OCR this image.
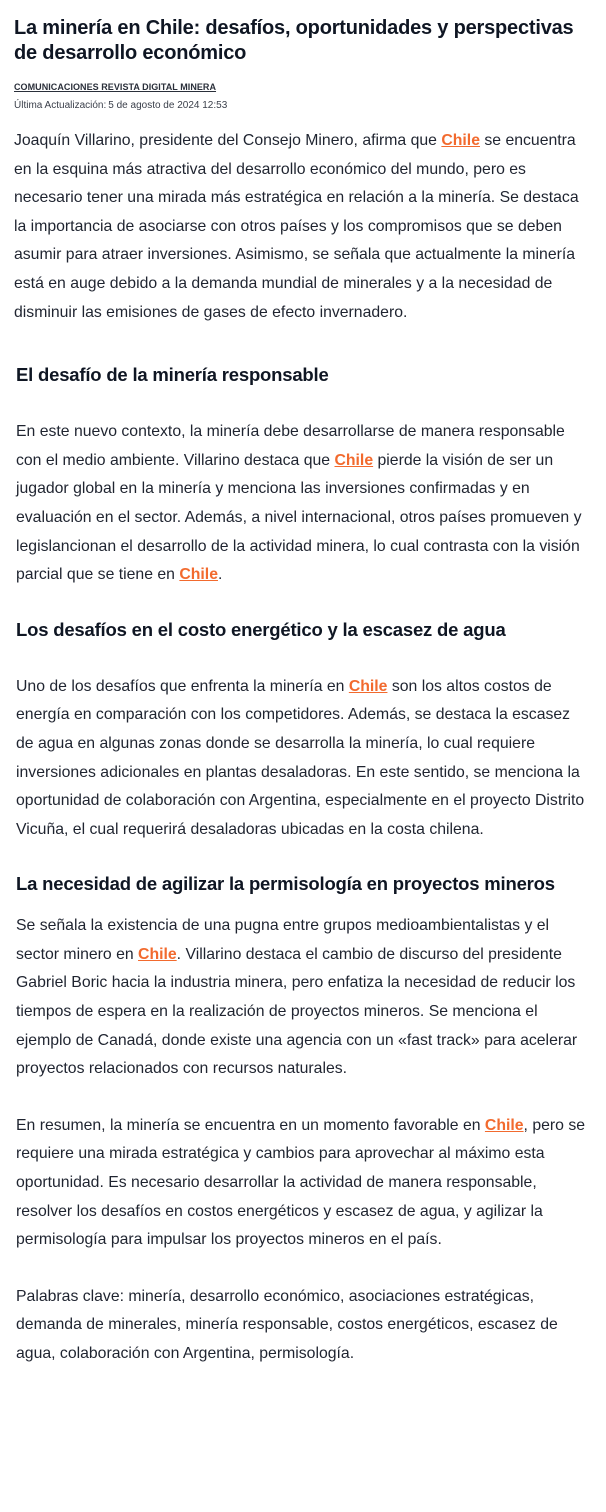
La minería en Chile: desafíos, oportunidades y perspectivas de desarrollo económico
COMUNICACIONES REVISTA DIGITAL MINERA
Última Actualización: 5 de agosto de 2024 12:53

Joaquín Villarino, presidente del Consejo Minero, afirma que Chile se encuentra en la esquina más atractiva del desarrollo económico del mundo, pero es necesario tener una mirada más estratégica en relación a la minería. Se destaca la importancia de asociarse con otros países y los compromisos que se deben asumir para atraer inversiones. Asimismo, se señala que actualmente la minería está en auge debido a la demanda mundial de minerales y a la necesidad de disminuir las emisiones de gases de efecto invernadero.

El desafío de la minería responsable

En este nuevo contexto, la minería debe desarrollarse de manera responsable con el medio ambiente. Villarino destaca que Chile pierde la visión de ser un jugador global en la minería y menciona las inversiones confirmadas y en evaluación en el sector. Además, a nivel internacional, otros países promueven y legislancionan el desarrollo de la actividad minera, lo cual contrasta con la visión parcial que se tiene en Chile.

Los desafíos en el costo energético y la escasez de agua

Uno de los desafíos que enfrenta la minería en Chile son los altos costos de energía en comparación con los competidores. Además, se destaca la escasez de agua en algunas zonas donde se desarrolla la minería, lo cual requiere inversiones adicionales en plantas desaladoras. En este sentido, se menciona la oportunidad de colaboración con Argentina, especialmente en el proyecto Distrito Vicuña, el cual requerirá desaladoras ubicadas en la costa chilena.

La necesidad de agilizar la permisología en proyectos mineros

Se señala la existencia de una pugna entre grupos medioambientalistas y el sector minero en Chile. Villarino destaca el cambio de discurso del presidente Gabriel Boric hacia la industria minera, pero enfatiza la necesidad de reducir los tiempos de espera en la realización de proyectos mineros. Se menciona el ejemplo de Canadá, donde existe una agencia con un «fast track» para acelerar proyectos relacionados con recursos naturales.

En resumen, la minería se encuentra en un momento favorable en Chile, pero se requiere una mirada estratégica y cambios para aprovechar al máximo esta oportunidad. Es necesario desarrollar la actividad de manera responsable, resolver los desafíos en costos energéticos y escasez de agua, y agilizar la permisología para impulsar los proyectos mineros en el país.

Palabras clave: minería, desarrollo económico, asociaciones estratégicas, demanda de minerales, minería responsable, costos energéticos, escasez de agua, colaboración con Argentina, permisología.
